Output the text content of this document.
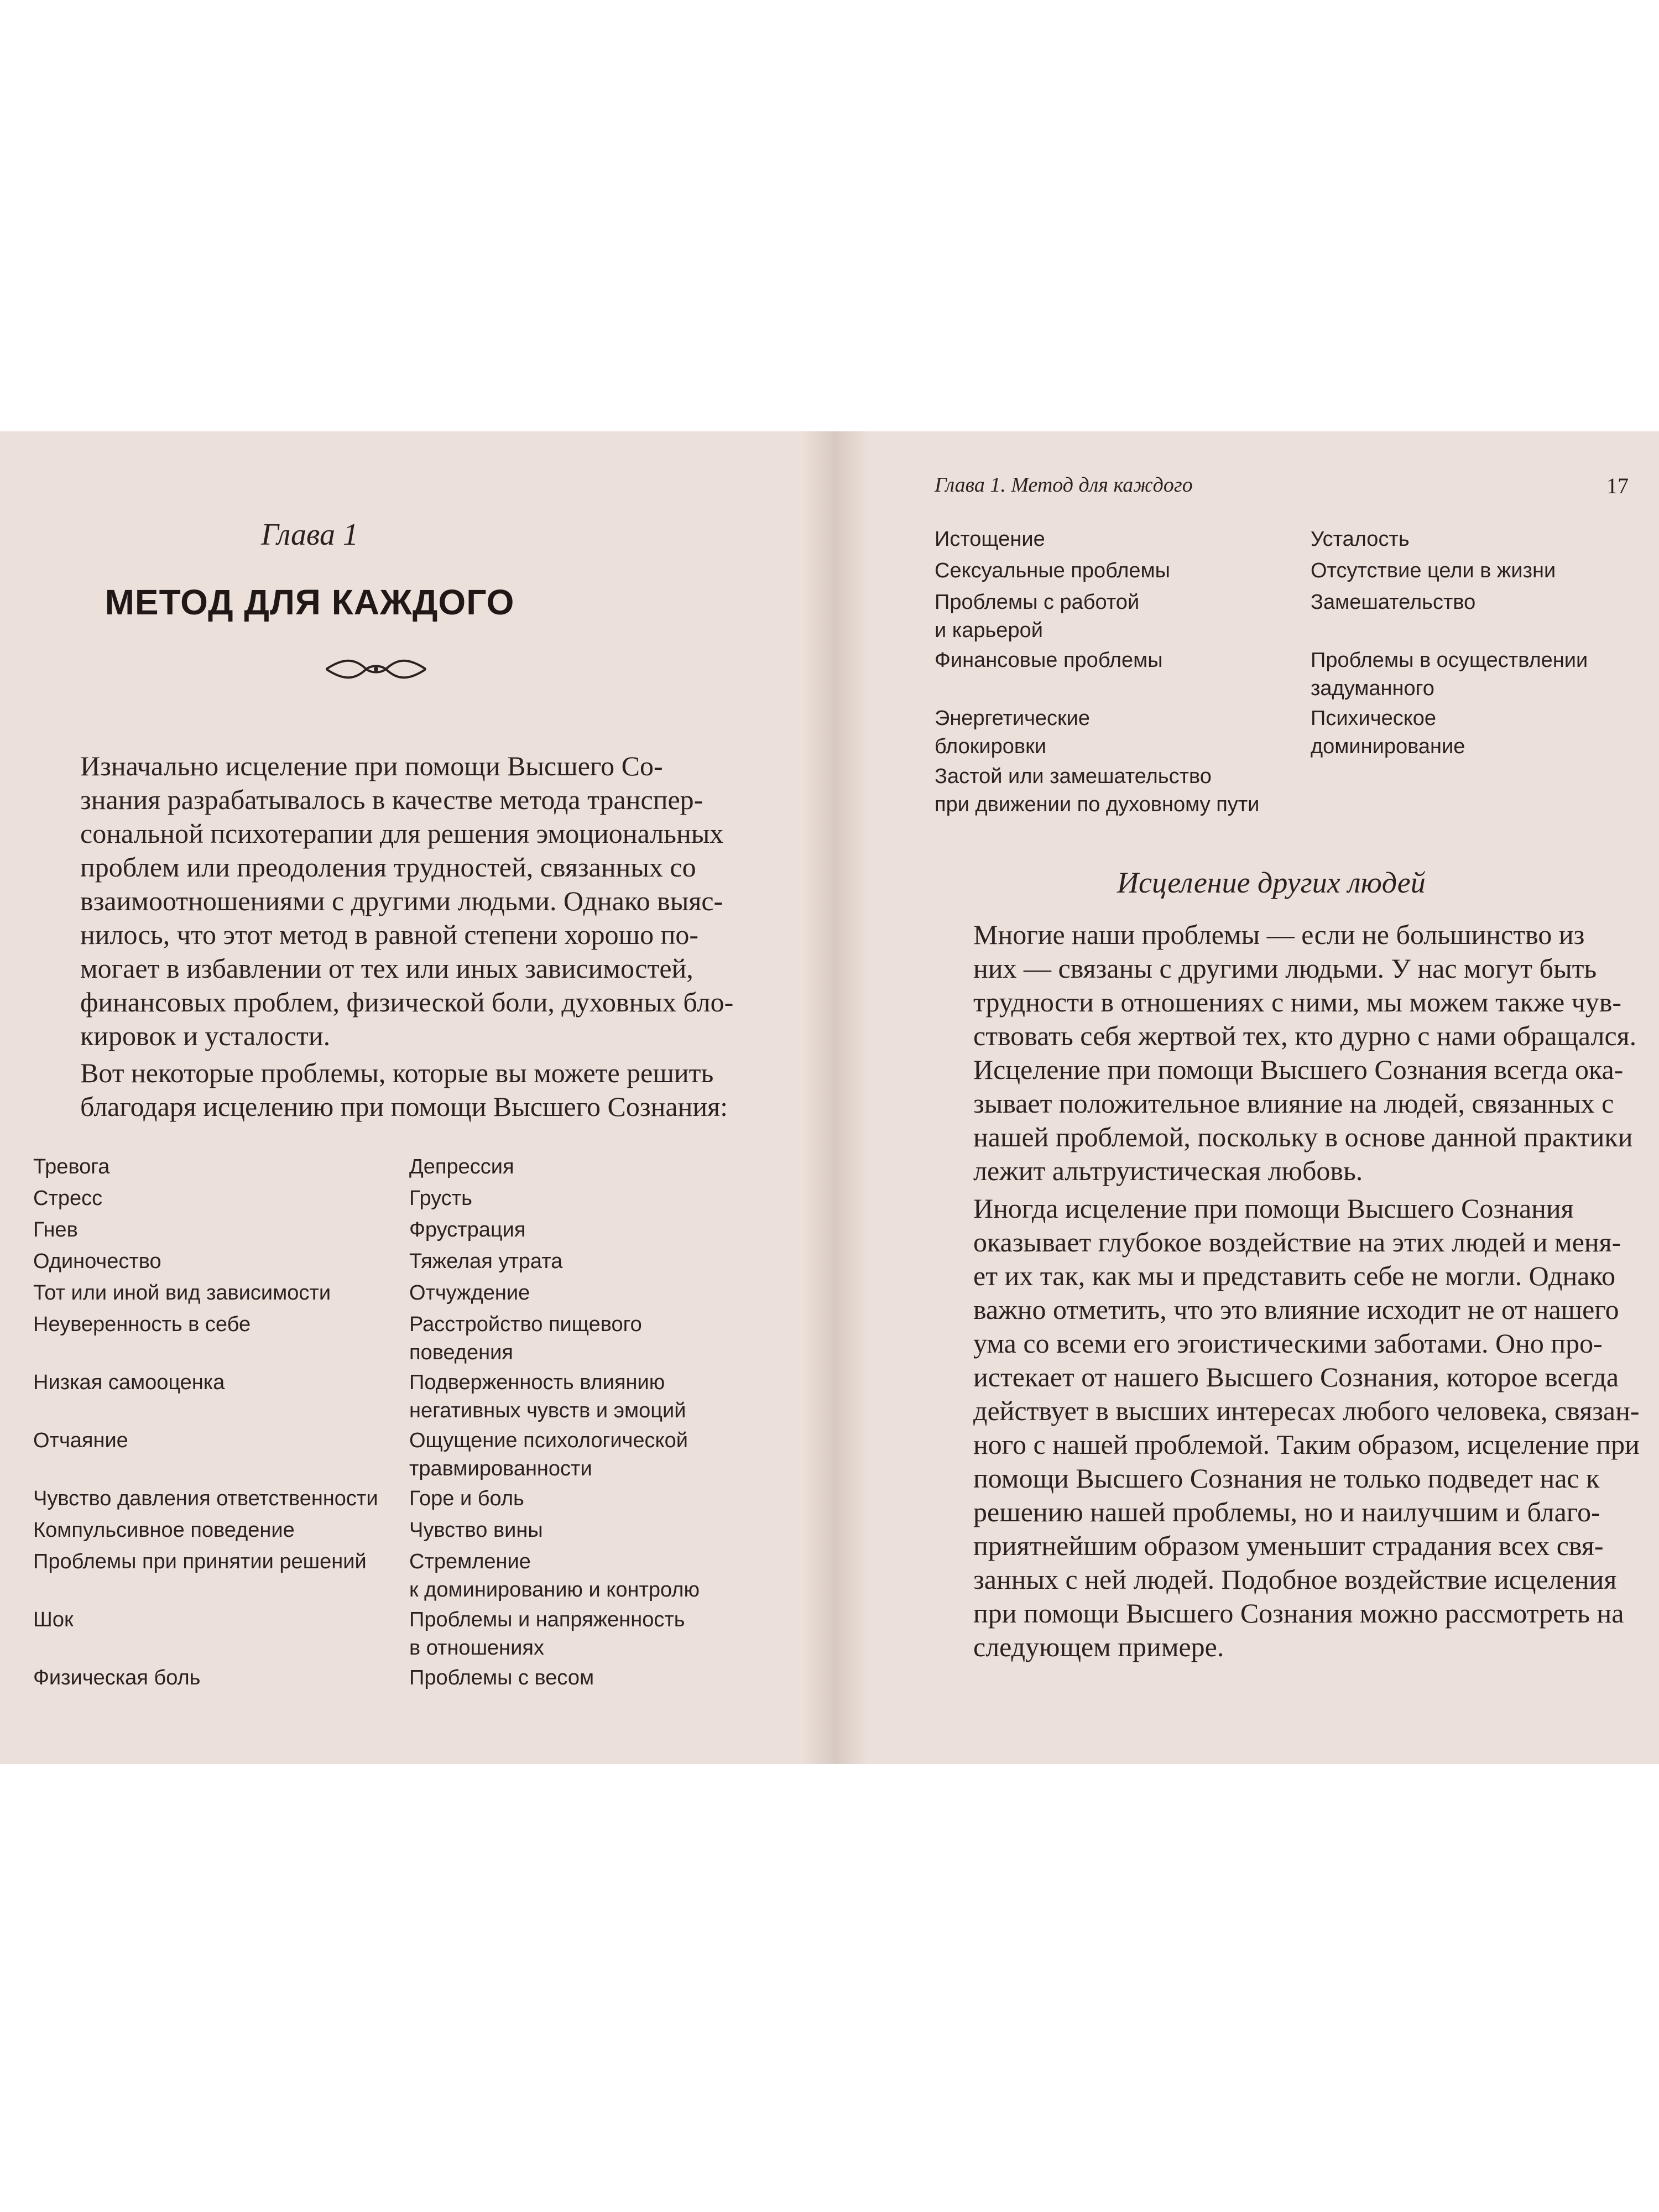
Глава 1
МЕТОД ДЛЯ КАЖДОГО

Изначально исцеление при помощи Высшего Со-
знания разрабатывалось в качестве метода транспер-
сональной психотерапии для решения эмоциональных
проблем или преодоления трудностей, связанных со
взаимоотношениями с другими людьми. Однако выяс-
нилось, что этот метод в равной степени хорошо по-
могает в избавлении от тех или иных зависимостей,
финансовых проблем, физической боли, духовных бло-
кировок и усталости.

Вот некоторые проблемы, которые вы можете решить
благодаря исцелению при помощи Высшего Сознания:

Тревога
Стресс
Гнев
Одиночество
Тот или иной вид зависимости
Неуверенность в себе
Низкая самооценка
Отчаяние
Чувство давления ответственности
Компульсивное поведение
Проблемы при принятии решений
Шок
Физическая боль
Депрессия
Грусть
Фрустрация
Тяжелая утрата
Отчуждение
Расстройство пищевого
поведения
Подверженность влиянию
негативных чувств и эмоций
Ощущение психологической
травмированности
Горе и боль
Чувство вины
Стремление
к доминированию и контролю
Проблемы и напряженность
в отношениях
Проблемы с весом
Глава 1. Метод для каждого	17
Истощение
Сексуальные проблемы
Проблемы с работой
и карьерой
Финансовые проблемы
Энергетические
блокировки
Застой или замешательство
при движении по духовному пути
Усталость
Отсутствие цели в жизни
Замешательство
Проблемы в осуществлении
задуманного
Психическое
доминирование
Исцеление других людей

Многие наши проблемы — если не большинство из
них — связаны с другими людьми. У нас могут быть
трудности в отношениях с ними, мы можем также чув-
ствовать себя жертвой тех, кто дурно с нами обращался.
Исцеление при помощи Высшего Сознания всегда ока-
зывает положительное влияние на людей, связанных с
нашей проблемой, поскольку в основе данной практики
лежит альтруистическая любовь.

Иногда исцеление при помощи Высшего Сознания
оказывает глубокое воздействие на этих людей и меня-
ет их так, как мы и представить себе не могли. Однако
важно отметить, что это влияние исходит не от нашего
ума со всеми его эгоистическими заботами. Оно про-
истекает от нашего Высшего Сознания, которое всегда
действует в высших интересах любого человека, связан-
ного с нашей проблемой. Таким образом, исцеление при
помощи Высшего Сознания не только подведет нас к
решению нашей проблемы, но и наилучшим и благо-
приятнейшим образом уменьшит страдания всех свя-
занных с ней людей. Подобное воздействие исцеления
при помощи Высшего Сознания можно рассмотреть на
следующем примере.
